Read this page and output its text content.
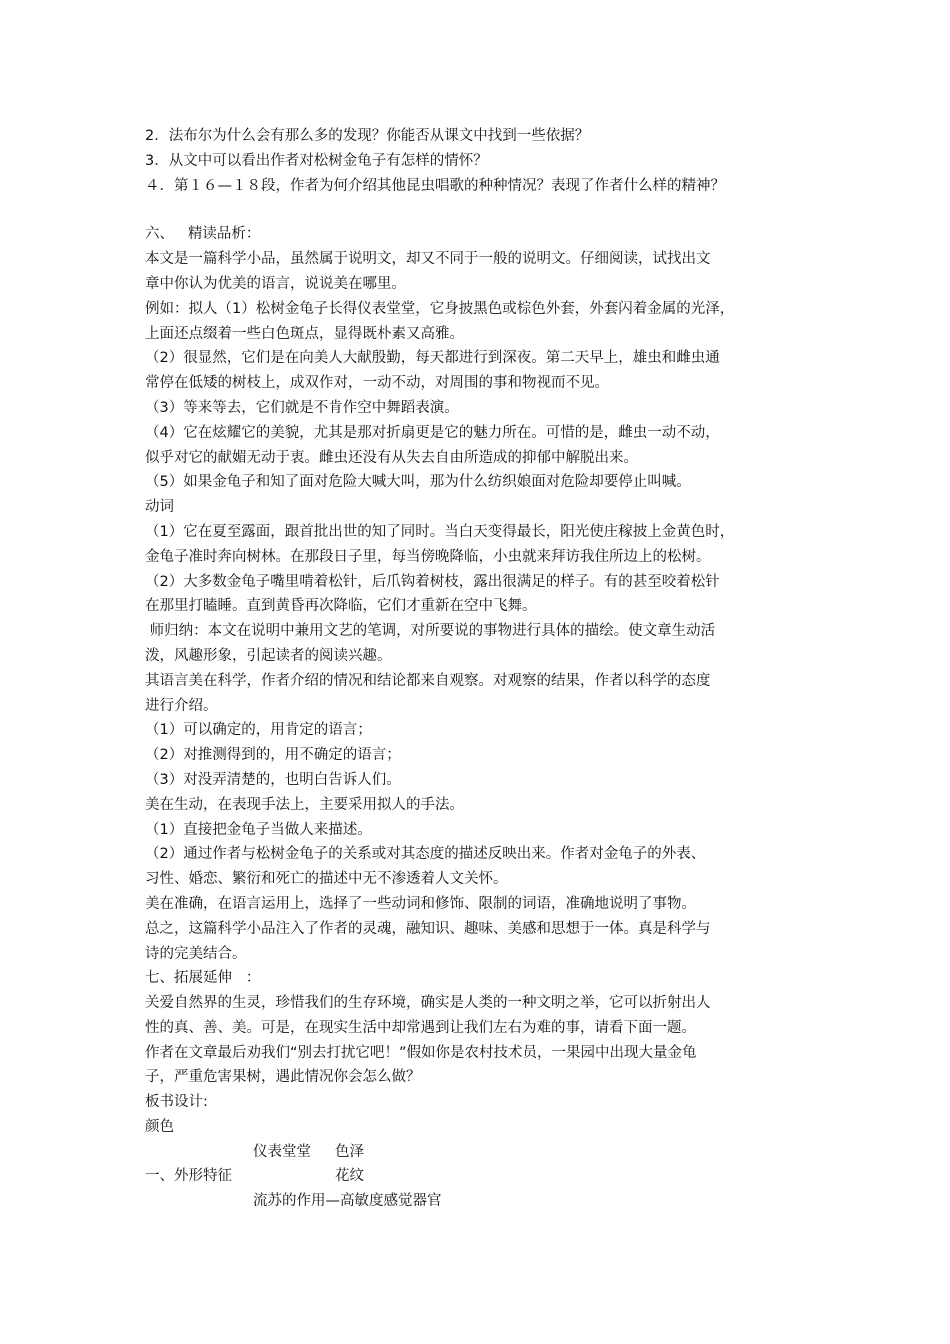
2．法布尔为什么会有那么多的发现？你能否从课文中找到一些依据？

3．从文中可以看出作者对松树金龟子有怎样的情怀？

４．第１６—１８段，作者为何介绍其他昆虫唱歌的种种情况？表现了作者什么样的精神？

六、   精读品析：

本文是一篇科学小品，虽然属于说明文，却又不同于一般的说明文。仔细阅读，试找出文

章中你认为优美的语言，说说美在哪里。

例如：拟人（1）松树金龟子长得仪表堂堂，它身披黑色或棕色外套，外套闪着金属的光泽，

上面还点缀着一些白色斑点，显得既朴素又高雅。

（2）很显然，它们是在向美人大献殷勤，每天都进行到深夜。第二天早上，雄虫和雌虫通

常停在低矮的树枝上，成双作对，一动不动，对周围的事和物视而不见。

（3）等来等去，它们就是不肯作空中舞蹈表演。

（4）它在炫耀它的美貌，尤其是那对折扇更是它的魅力所在。可惜的是，雌虫一动不动，

似乎对它的献媚无动于衷。雌虫还没有从失去自由所造成的抑郁中解脱出来。

（5）如果金龟子和知了面对危险大喊大叫，那为什么纺织娘面对危险却要停止叫喊。

动词

（1）它在夏至露面，跟首批出世的知了同时。当白天变得最长，阳光使庄稼披上金黄色时，

金龟子准时奔向树林。在那段日子里，每当傍晚降临，小虫就来拜访我住所边上的松树。

（2）大多数金龟子嘴里啃着松针，后爪钩着树枝，露出很满足的样子。有的甚至咬着松针

在那里打瞌睡。直到黄昏再次降临，它们才重新在空中飞舞。

师归纳：本文在说明中兼用文艺的笔调，对所要说的事物进行具体的描绘。使文章生动活

泼，风趣形象，引起读者的阅读兴趣。

其语言美在科学，作者介绍的情况和结论都来自观察。对观察的结果，作者以科学的态度

进行介绍。

（1）可以确定的，用肯定的语言；

（2）对推测得到的，用不确定的语言；

（3）对没弄清楚的，也明白告诉人们。

美在生动，在表现手法上，主要采用拟人的手法。

（1）直接把金龟子当做人来描述。

（2）通过作者与松树金龟子的关系或对其态度的描述反映出来。作者对金龟子的外表、

习性、婚恋、繁衍和死亡的描述中无不渗透着人文关怀。

美在准确，在语言运用上，选择了一些动词和修饰、限制的词语，准确地说明了事物。

总之，这篇科学小品注入了作者的灵魂，融知识、趣味、美感和思想于一体。真是科学与

诗的完美结合。

七、拓展延伸   ：

关爱自然界的生灵，珍惜我们的生存环境，确实是人类的一种文明之举，它可以折射出人

性的真、善、美。可是，在现实生活中却常遇到让我们左右为难的事，请看下面一题。

作者在文章最后劝我们“别去打扰它吧！”假如你是农村技术员，一果园中出现大量金龟

子，严重危害果树，遇此情况你会怎么做？

板书设计:

颜色

仪表堂堂 色泽
一、外形特征	花纹
流苏的作用—高敏度感觉器官
